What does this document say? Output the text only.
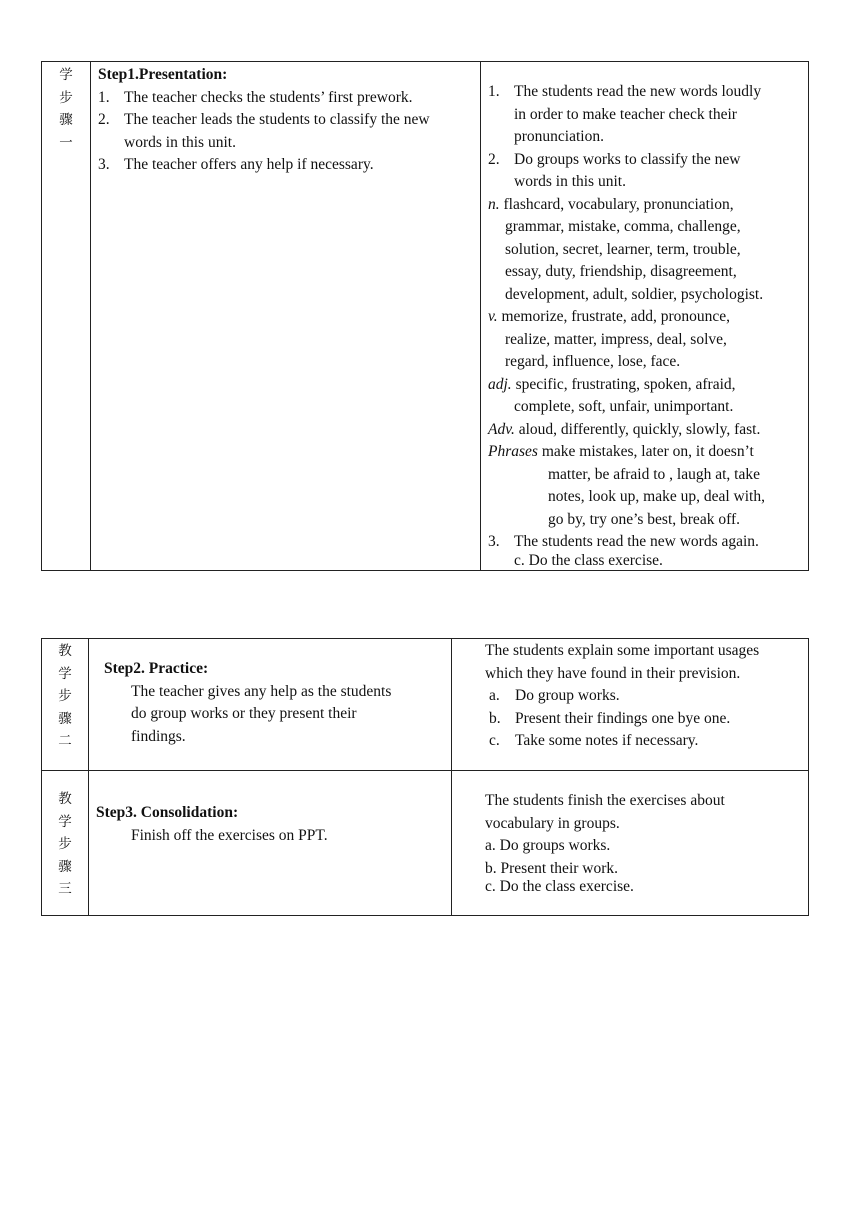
学
步
骤
一
Step1.Presentation:
1. The teacher checks the students’ first prework.
2. The teacher leads the students to classify the new
words in this unit.
3. The teacher offers any help if necessary.
1. The students read the new words loudly
in order to make teacher check their
pronunciation.
2. Do groups works to classify the new
words in this unit.
n. flashcard, vocabulary, pronunciation,
grammar, mistake, comma, challenge,
solution, secret, learner, term, trouble,
essay, duty, friendship, disagreement,
development, adult, soldier, psychologist.
v. memorize, frustrate, add, pronounce,
realize, matter, impress, deal, solve,
regard, influence, lose, face.
adj. specific, frustrating, spoken, afraid,
complete, soft, unfair, unimportant.
Adv. aloud, differently, quickly, slowly, fast.
Phrases make mistakes, later on, it doesn’t
matter, be afraid to , laugh at, take
notes, look up, make up, deal with,
go by, try one’s best, break off.
3. The students read the new words again.
c. Do the class exercise.
教
学
步
骤
二
Step2. Practice:
The teacher gives any help as the students
do group works or they present their
findings.
The students explain some important usages
which they have found in their prevision.
a. Do group works.
b. Present their findings one bye one.
c. Take some notes if necessary.
教
学
步
骤
三
Step3. Consolidation:
Finish off the exercises on PPT.
The students finish the exercises about
vocabulary in groups.
a. Do groups works.
b. Present their work.
c. Do the class exercise.
